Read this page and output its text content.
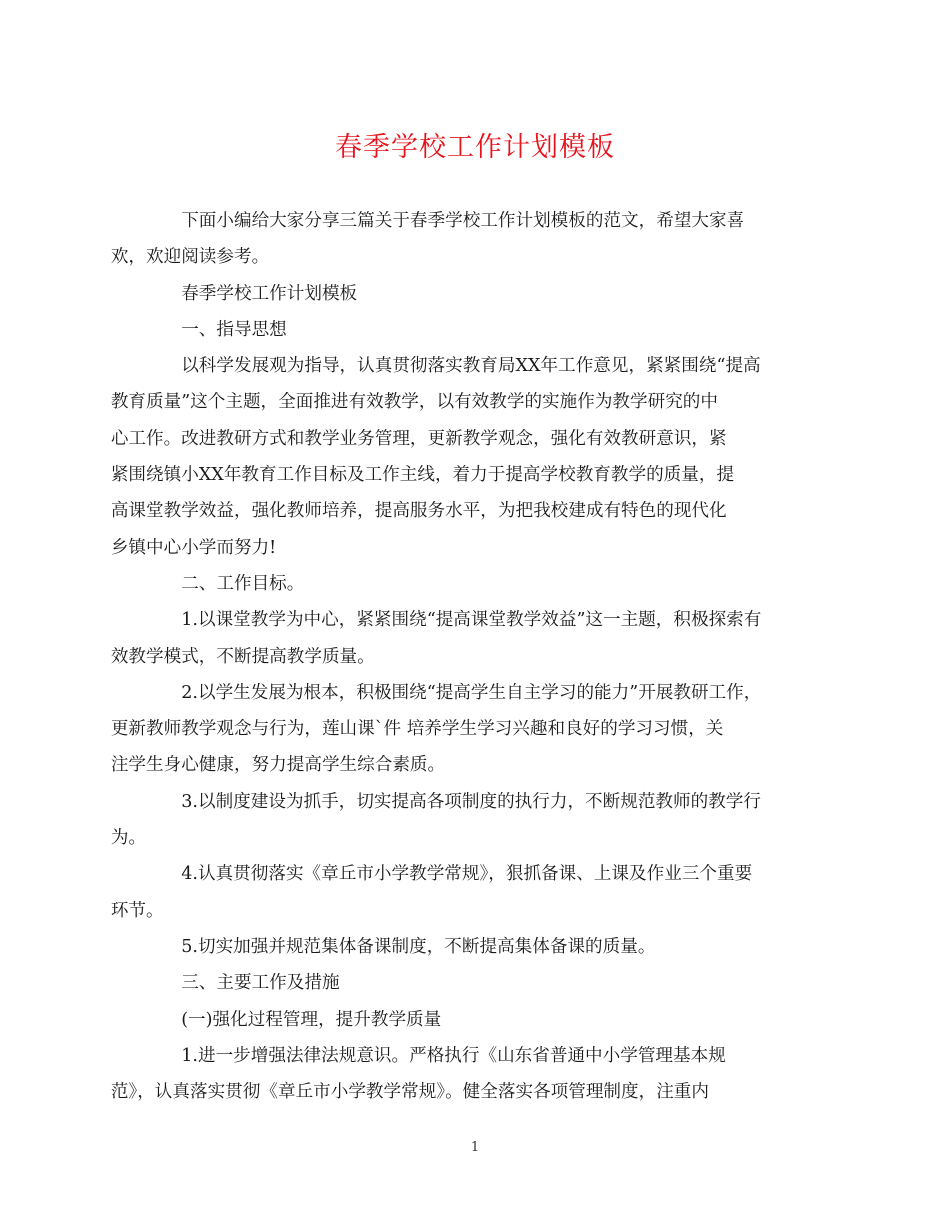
春季学校工作计划模板

下面小编给大家分享三篇关于春季学校工作计划模板的范文，希望大家喜
欢，欢迎阅读参考。

春季学校工作计划模板

一、指导思想

以科学发展观为指导，认真贯彻落实教育局XX年工作意见，紧紧围绕“提高
教育质量”这个主题，全面推进有效教学，以有效教学的实施作为教学研究的中
心工作。改进教研方式和教学业务管理，更新教学观念，强化有效教研意识，紧
紧围绕镇小XX年教育工作目标及工作主线，着力于提高学校教育教学的质量，提
高课堂教学效益，强化教师培养，提高服务水平，为把我校建成有特色的现代化
乡镇中心小学而努力!

二、工作目标。

1.以课堂教学为中心，紧紧围绕“提高课堂教学效益”这一主题，积极探索有
效教学模式，不断提高教学质量。

2.以学生发展为根本，积极围绕“提高学生自主学习的能力”开展教研工作，
更新教师教学观念与行为，莲山课`件 培养学生学习兴趣和良好的学习习惯，关
注学生身心健康，努力提高学生综合素质。

3.以制度建设为抓手，切实提高各项制度的执行力，不断规范教师的教学行
为。

4.认真贯彻落实《章丘市小学教学常规》，狠抓备课、上课及作业三个重要
环节。

5.切实加强并规范集体备课制度，不断提高集体备课的质量。

三、主要工作及措施

(一)强化过程管理，提升教学质量

1.进一步增强法律法规意识。严格执行《山东省普通中小学管理基本规
范》，认真落实贯彻《章丘市小学教学常规》。健全落实各项管理制度，注重内

1
